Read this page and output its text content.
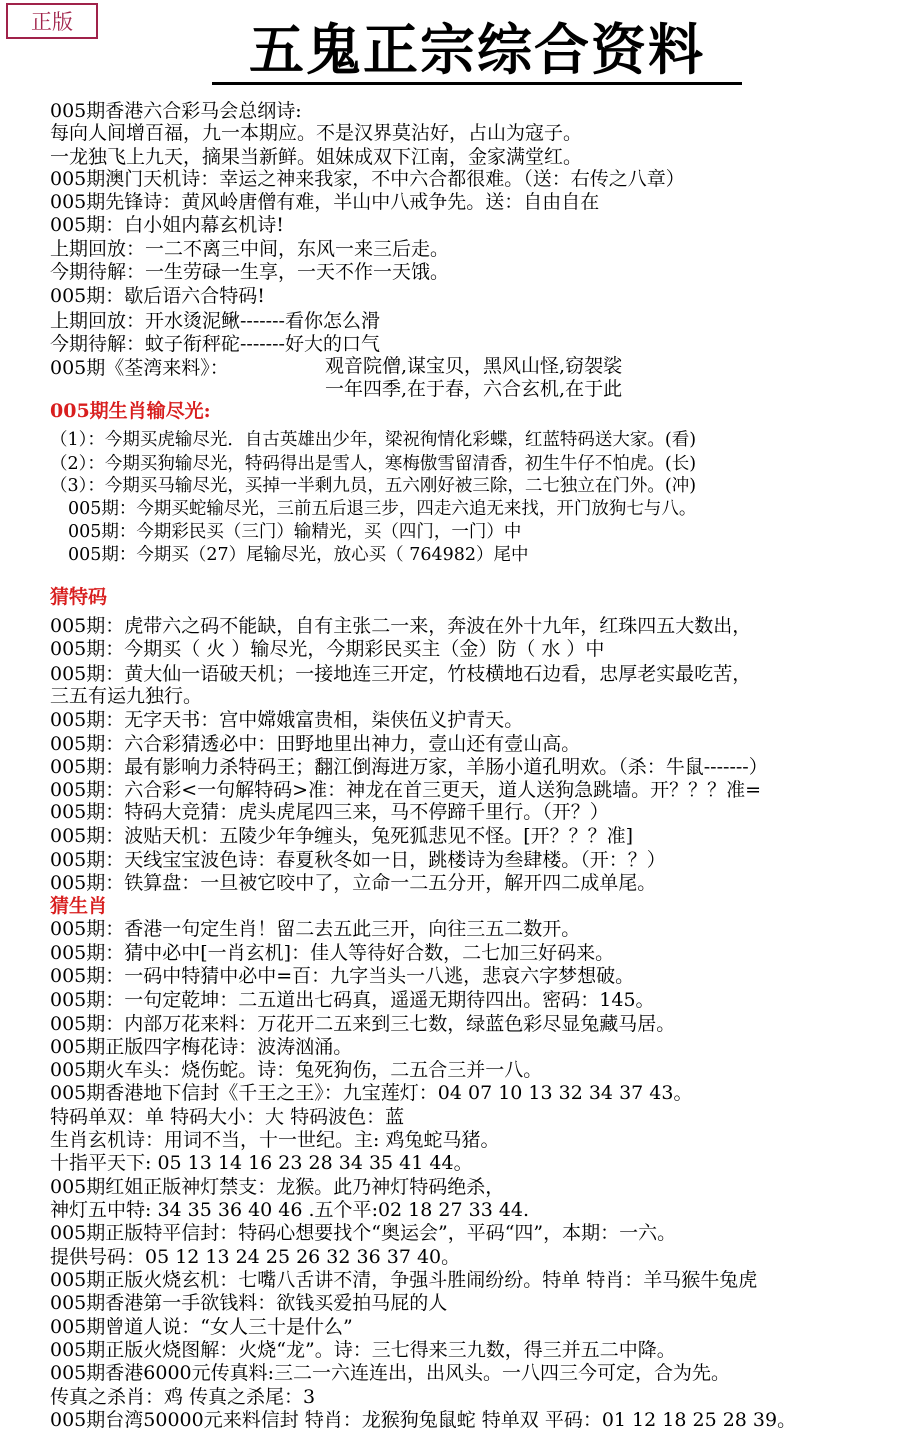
正版	五鬼正宗综合资料
005期香港六合彩马会总纲诗:
每向人间增百福，九一本期应。不是汉界莫沾好，占山为寇子。
一龙独飞上九天，摘果当新鲜。姐妹成双下江南，金家满堂红。
005期澳门天机诗：幸运之神来我家，不中六合都很难。（送：右传之八章）
005期先锋诗：黄风岭唐僧有难，半山中八戒争先。送：自由自在
005期：白小姐内幕玄机诗!
上期回放：一二不离三中间，东风一来三后走。
今期待解：一生劳碌一生享，一天不作一天饿。
005期：歇后语六合特码!
上期回放：开水烫泥鳅-------看你怎么滑
今期待解：蚊子衔秤砣-------好大的口气
005期《荃湾来料》：	观音院僧,谋宝贝，黑风山怪,窃袈裟
一年四季,在于春，六合玄机,在于此
005期生肖输尽光:
（1）：今期买虎输尽光．自古英雄出少年，梁祝徇情化彩蝶，红蓝特码送大家。(看)
（2）：今期买狗输尽光，特码得出是雪人，寒梅傲雪留清香，初生牛仔不怕虎。(长)
（3）：今期买马输尽光，买掉一半剩九员，五六刚好被三除，二七独立在门外。(冲)
005期：今期买蛇输尽光，三前五后退三步，四走六追无来找，开门放狗七与八。
005期：今期彩民买（三门）输精光，买（四门，一门）中
005期：今期买（27）尾输尽光，放心买（ 764982）尾中
猜特码
005期：虎带六之码不能缺，自有主张二一来，奔波在外十九年，红珠四五大数出，
005期：今期买（ 火 ）输尽光，今期彩民买主（金）防（ 水 ）中
005期：黄大仙一语破天机；一接地连三开定，竹枝横地石边看，忠厚老实最吃苦，
三五有运九独行。
005期：无字天书：宫中嫦娥富贵相，柒侠伍义护青天。
005期：六合彩猜透必中：田野地里出神力，壹山还有壹山高。
005期：最有影响力杀特码王；翻江倒海进万家，羊肠小道孔明欢。（杀：牛鼠-------）
005期：六合彩<一句解特码>准：神龙在首三更天，道人送狗急跳墙。开？？？准=
005期：特码大竞猜：虎头虎尾四三来，马不停蹄千里行。（开？）
005期：波贴天机：五陵少年争缠头，兔死狐悲见不怪。[开？？？准]
005期：天线宝宝波色诗：春夏秋冬如一日，跳楼诗为叁肆楼。（开：？）
005期：铁算盘：一旦被它咬中了，立命一二五分开，解开四二成单尾。
猜生肖
005期：香港一句定生肖！留二去五此三开，向往三五二数开。
005期：猜中必中[一肖玄机]：佳人等待好合数，二七加三好码来。
005期：一码中特猜中必中=百：九字当头一八逃，悲哀六字梦想破。
005期：一句定乾坤：二五道出七码真，遥遥无期待四出。密码：145。
005期：内部万花来料：万花开二五来到三七数，绿蓝色彩尽显兔藏马居。
005期正版四字梅花诗：波涛汹涌。
005期火车头：烧伤蛇。诗：兔死狗伤，二五合三并一八。
005期香港地下信封《千王之王》：九宝莲灯：04 07 10 13 32 34 37 43。
特码单双：单 特码大小：大 特码波色：蓝
生肖玄机诗：用词不当，十一世纪。主: 鸡兔蛇马猪。
十指平天下: 05 13 14 16 23 28 34 35 41 44。
005期红姐正版神灯禁支：龙猴。此乃神灯特码绝杀，
神灯五中特: 34 35 36 40 46 .五个平:02 18 27 33 44.
005期正版特平信封：特码心想要找个“奥运会”，平码“四”，本期：一六。
提供号码：05 12 13 24 25 26 32 36 37 40。
005期正版火烧玄机：七嘴八舌讲不清，争强斗胜闹纷纷。特单 特肖：羊马猴牛兔虎
005期香港第一手欲钱料：欲钱买爱拍马屁的人
005期曾道人说：“女人三十是什么”
005期正版火烧图解：火烧“龙”。诗：三七得来三九数，得三并五二中降。
005期香港6000元传真料:三二一六连连出，出风头。一八四三今可定，合为先。
传真之杀肖：鸡 传真之杀尾：3
005期台湾50000元来料信封 特肖：龙猴狗兔鼠蛇 特单双 平码：01 12 18 25 28 39。
